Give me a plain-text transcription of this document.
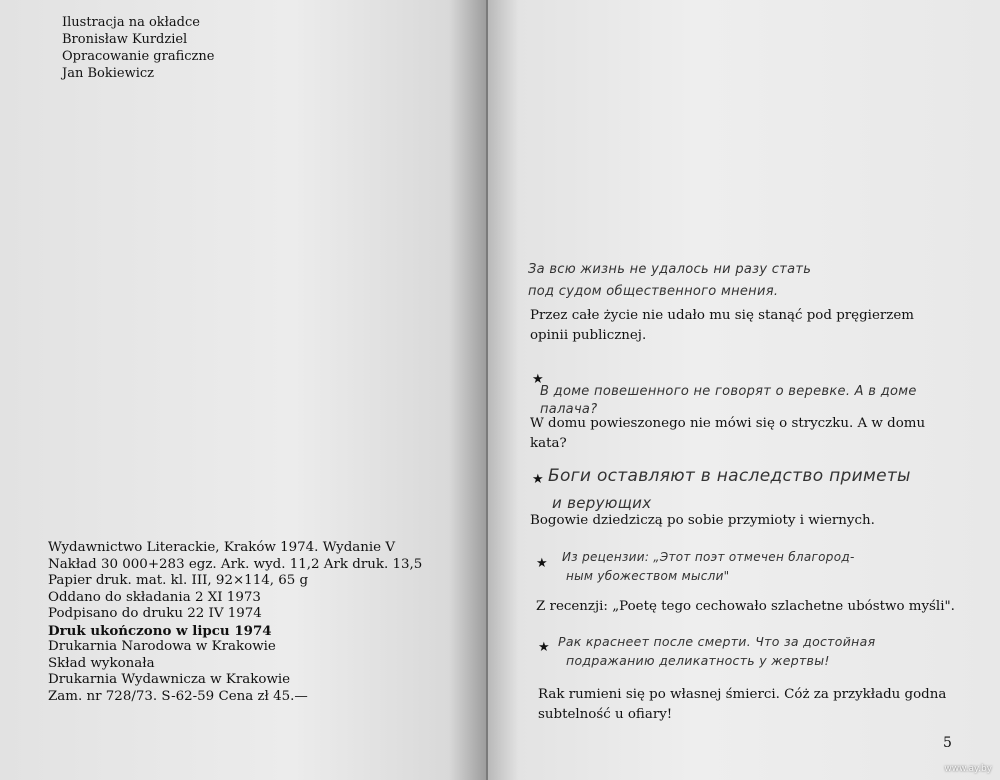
Ilustracja na okładce
Bronisław Kurdziel
Opracowanie graficzne
Jan Bokiewicz
Wydawnictwo Literackie, Kraków 1974. Wydanie V
Nakład 30 000+283 egz. Ark. wyd. 11,2 Ark druk. 13,5
Papier druk. mat. kl. III, 92×114, 65 g
Oddano do składania 2 XI 1973
Podpisano do druku 22 IV 1974
Druk ukończono w lipcu 1974
Drukarnia Narodowa w Krakowie
Skład wykonała
Drukarnia Wydawnicza w Krakowie
Zam. nr 728/73. S-62-59 Cena zł 45.—
За всю жизнь не удалось ни разу стать
под судом общественного мнения.
Przez całe życie nie udało mu się stanąć pod pręgierzem opinii publicznej.
★
В доме повешенного не говорят о веревке. А в доме
палача?
W domu powieszonego nie mówi się o stryczku. A w domu kata?
★ Боги оставляют в наследство приметы
и верующих
Bogowie dziedziczą po sobie przymioty i wiernych.
★ Из рецензии: „Этот поэт отмечен благород-
ным убожеством мысли"
Z recenzji: „Poetę tego cechowało szlachetne ubóstwo myśli".
★ Рак краснеет после смерти. Что за достойная
подражанию деликатность у жертвы!
Rak rumieni się po własnej śmierci. Cóż za przykładu godna subtelność u ofiary!
5
www.ay.by
